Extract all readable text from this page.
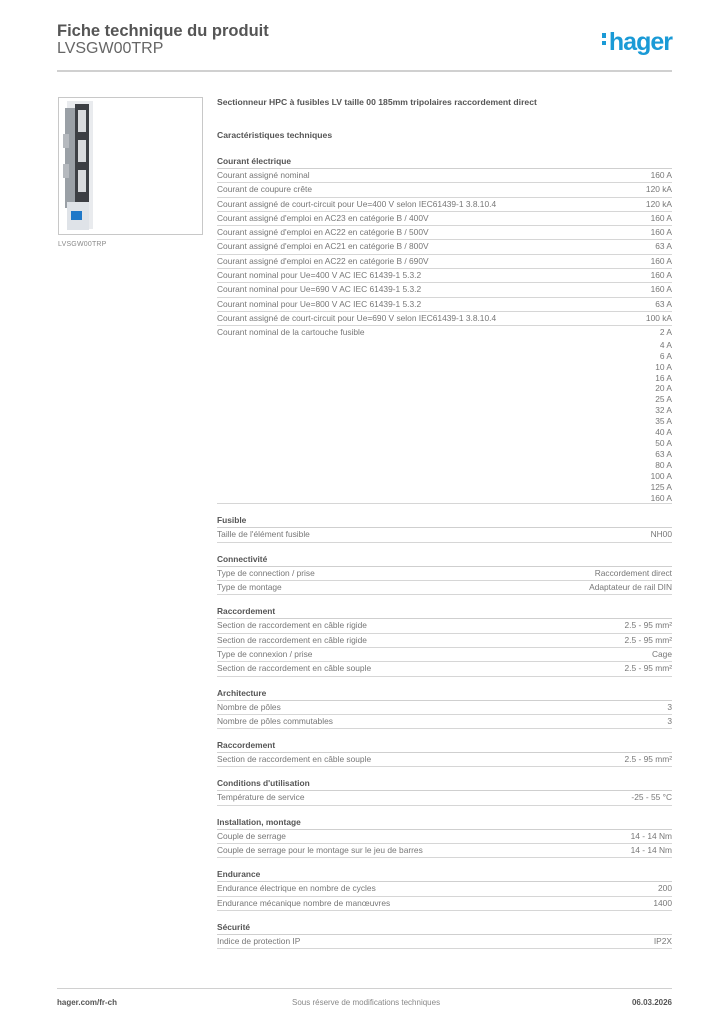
Fiche technique du produit
LVSGW00TRP	hager
LVSGW00TRP
Sectionneur HPC à fusibles LV taille 00 185mm tripolaires raccordement direct
Caractéristiques techniques
Courant électrique
Courant assigné nominal	160 A
Courant de coupure crête	120 kA
Courant assigné de court-circuit pour Ue=400 V selon IEC61439-1 3.8.10.4	120 kA
Courant assigné d'emploi en AC23 en catégorie B / 400V	160 A
Courant assigné d'emploi en AC22 en catégorie B / 500V	160 A
Courant assigné d'emploi en AC21 en catégorie B / 800V	63 A
Courant assigné d'emploi en AC22 en catégorie B / 690V	160 A
Courant nominal pour Ue=400 V AC IEC 61439-1 5.3.2	160 A
Courant nominal pour Ue=690 V AC IEC 61439-1 5.3.2	160 A
Courant nominal pour Ue=800 V AC IEC 61439-1 5.3.2	63 A
Courant assigné de court-circuit pour Ue=690 V selon IEC61439-1 3.8.10.4	100 kA
Courant nominal de la cartouche fusible	2 A
4 A
6 A
10 A
16 A
20 A
25 A
32 A
35 A
40 A
50 A
63 A
80 A
100 A
125 A
160 A
Fusible
Taille de l'élément fusible	NH00
Connectivité
Type de connection / prise	Raccordement direct
Type de montage	Adaptateur de rail DIN
Raccordement
Section de raccordement en câble rigide	2.5 - 95 mm²
Section de raccordement en câble rigide	2.5 - 95 mm²
Type de connexion / prise	Cage
Section de raccordement en câble souple	2.5 - 95 mm²
Architecture
Nombre de pôles	3
Nombre de pôles commutables	3
Raccordement
Section de raccordement en câble souple	2.5 - 95 mm²
Conditions d'utilisation
Température de service	-25 - 55 °C
Installation, montage
Couple de serrage	14 - 14 Nm
Couple de serrage pour le montage sur le jeu de barres	14 - 14 Nm
Endurance
Endurance électrique en nombre de cycles	200
Endurance mécanique nombre de manœuvres	1400
Sécurité
Indice de protection IP	IP2X
hager.com/fr-ch	Sous réserve de modifications techniques	06.03.2026
